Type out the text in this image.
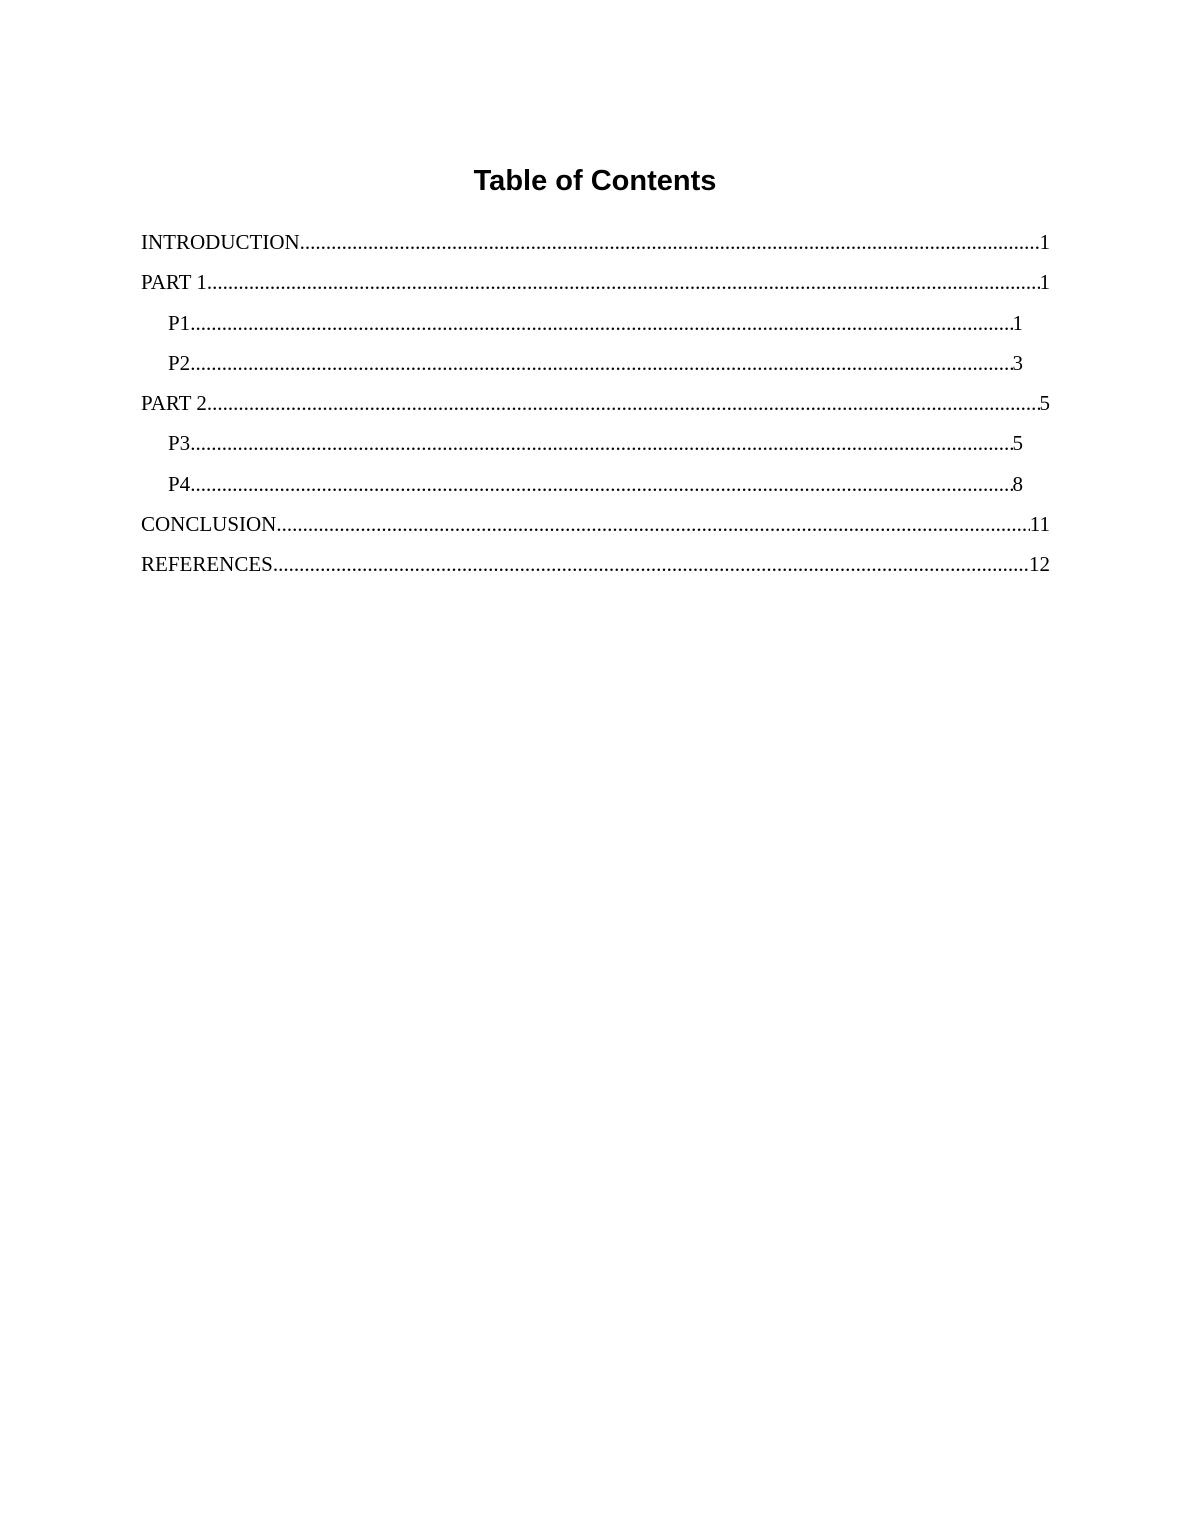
Table of Contents
INTRODUCTION .....	1
PART 1 .....	1
P1 .....	1
P2 .....	3
PART 2 .....	5
P3 .....	5
P4 .....	8
CONCLUSION .....	11
REFERENCES .....	12
